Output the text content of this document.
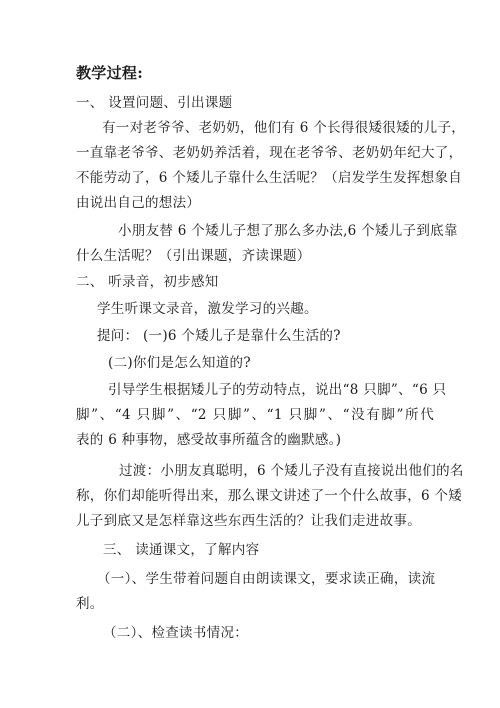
教学过程:
一、 设置问题、引出课题
有一对老爷爷、老奶奶，他们有 6 个长得很矮很矮的儿子，
一直靠老爷爷、老奶奶养活着，现在老爷爷、老奶奶年纪大了，
不能劳动了，6 个矮儿子靠什么生活呢？（启发学生发挥想象自
由说出自己的想法）
小朋友替 6 个矮儿子想了那么多办法,6 个矮儿子到底靠
什么生活呢？（引出课题，齐读课题）
二、 听录音，初步感知
学生听课文录音，激发学习的兴趣。
提问： (一)6 个矮儿子是靠什么生活的?
(二)你们是怎么知道的?
引导学生根据矮儿子的劳动特点，说出“8 只脚”、“6 只
脚”、“4 只脚”、“2 只脚”、“1 只脚”、“没有脚”所代
表的 6 种事物，感受故事所蕴含的幽默感。)
过渡：小朋友真聪明，6 个矮儿子没有直接说出他们的名
称，你们却能听得出来，那么课文讲述了一个什么故事，6 个矮
儿子到底又是怎样靠这些东西生活的？让我们走进故事。
三、 读通课文，了解内容
（一）、学生带着问题自由朗读课文，要求读正确，读流
利。
（二）、检查读书情况：
